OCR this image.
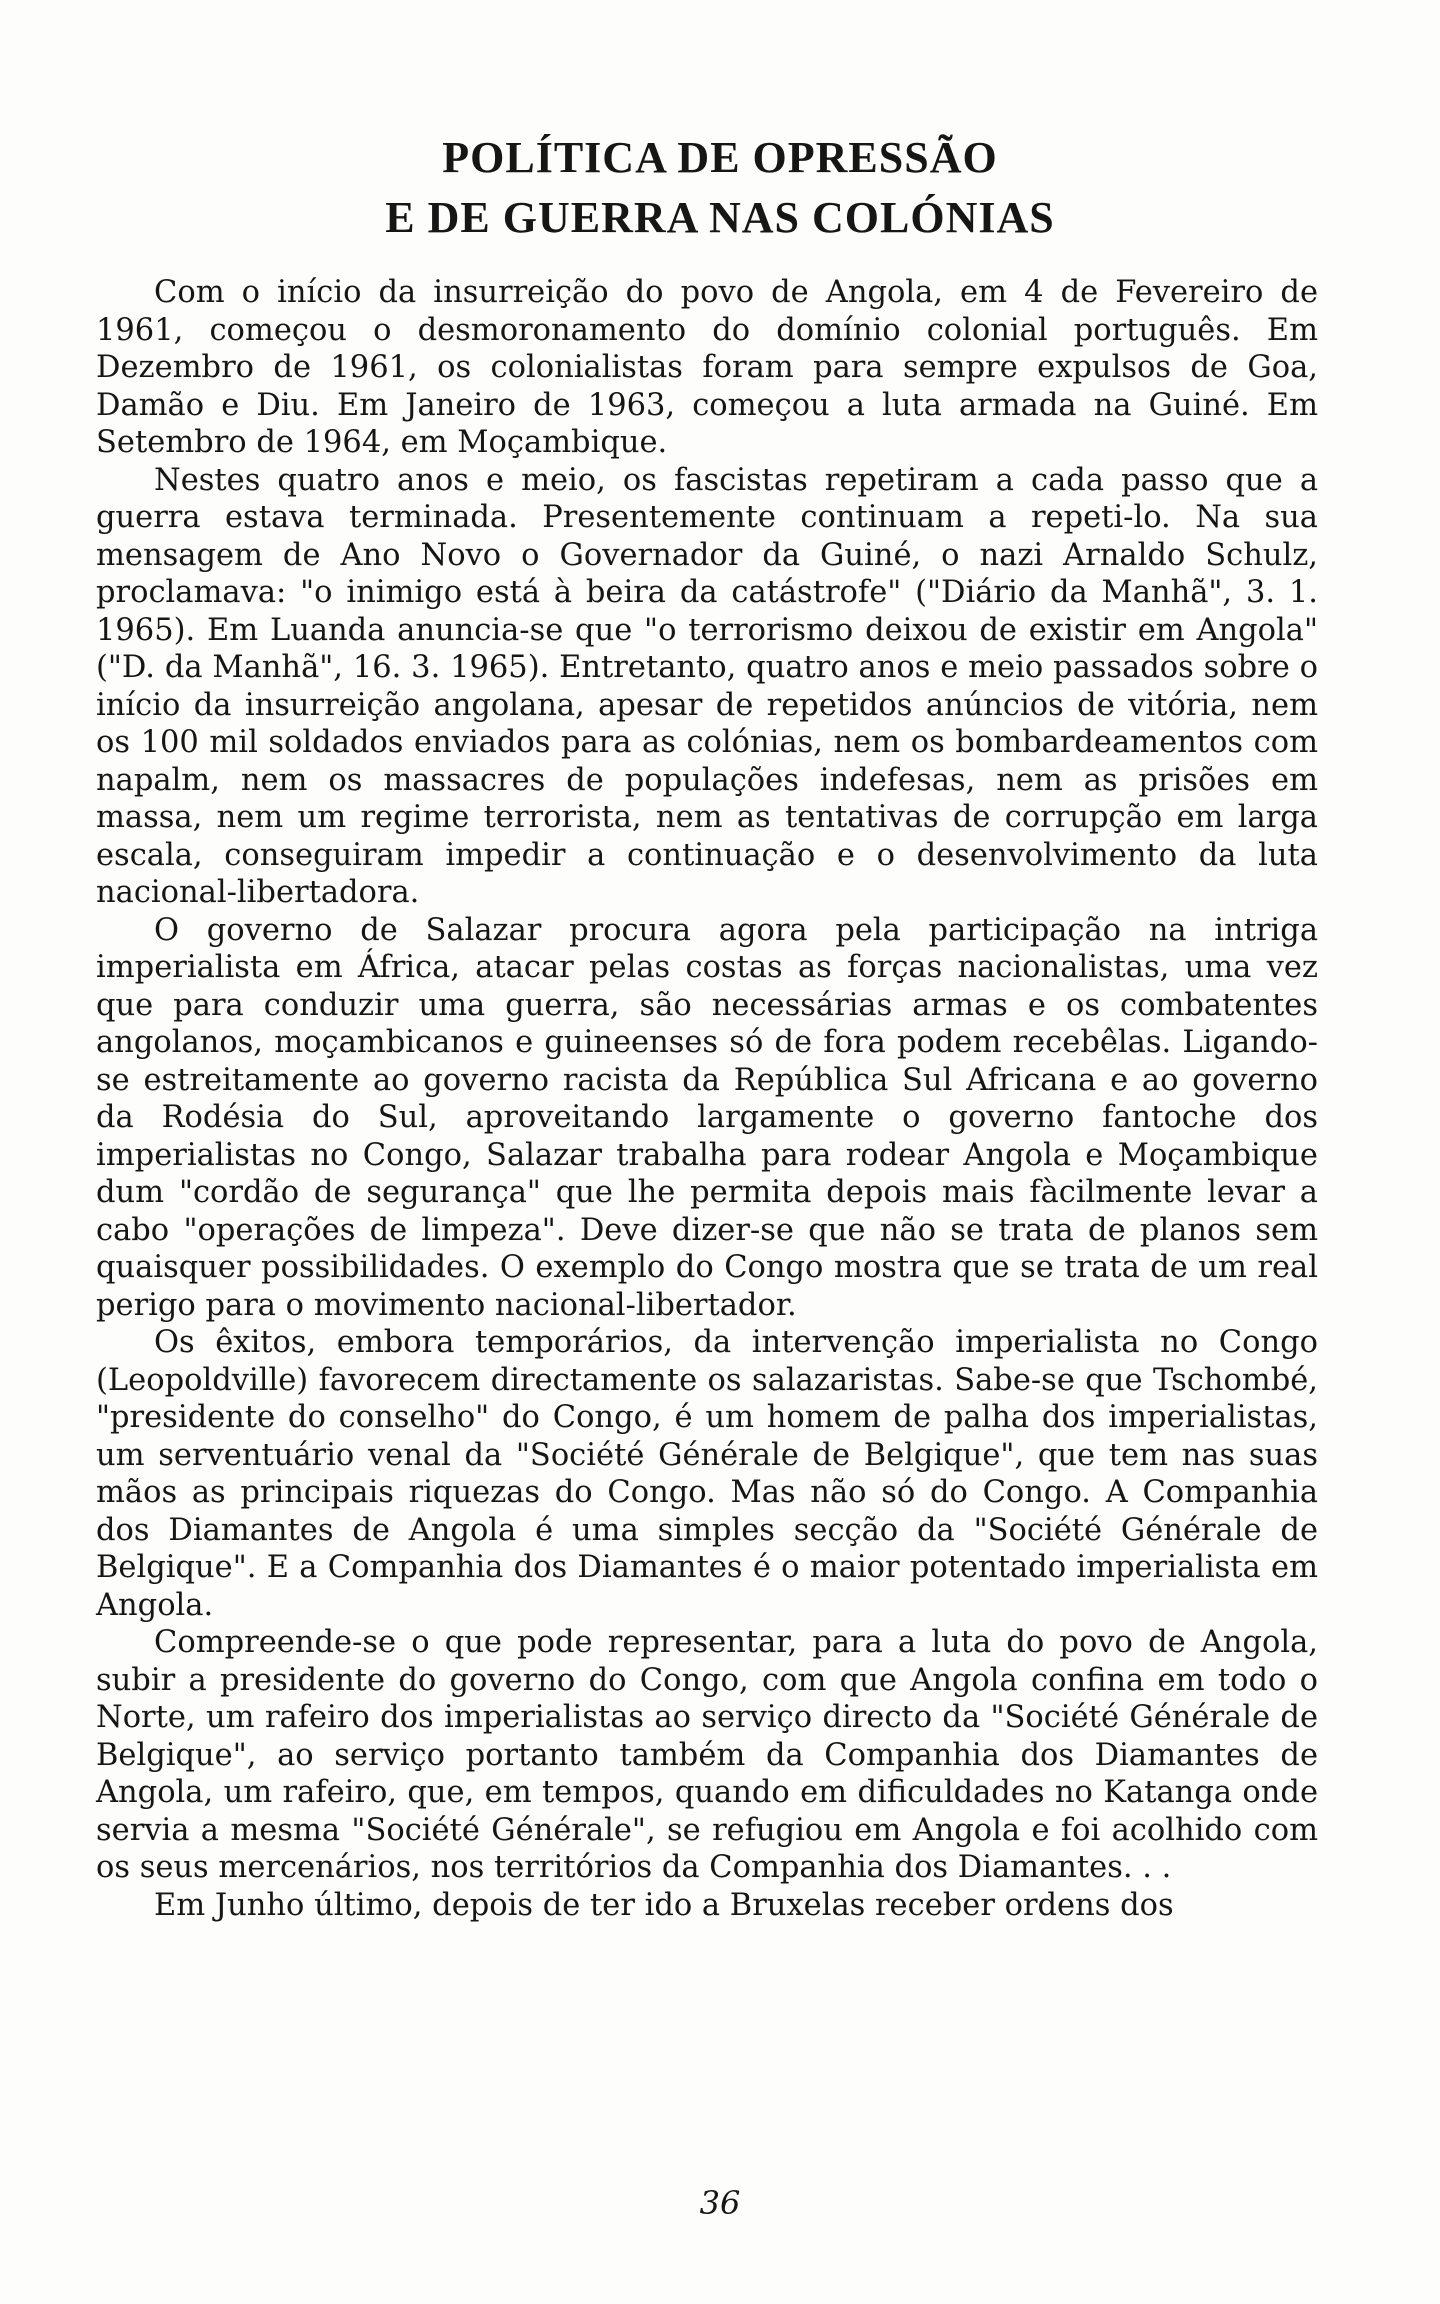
POLÍTICA DE OPRESSÃO
E DE GUERRA NAS COLÓNIAS

Com o início da insurreição do povo de Angola, em 4 de Fevereiro de 1961, começou o desmoronamento do domínio colonial português. Em Dezembro de 1961, os colonialistas foram para sempre expulsos de Goa, Damão e Diu. Em Janeiro de 1963, começou a luta armada na Guiné. Em Setembro de 1964, em Moçambique.

Nestes quatro anos e meio, os fascistas repetiram a cada passo que a guerra estava terminada. Presentemente continuam a repeti-lo. Na sua mensagem de Ano Novo o Governador da Guiné, o nazi Arnaldo Schulz, proclamava: "o inimigo está à beira da catástrofe" ("Diário da Manhã", 3. 1. 1965). Em Luanda anuncia-se que "o terrorismo deixou de existir em Angola" ("D. da Manhã", 16. 3. 1965). Entretanto, quatro anos e meio passados sobre o início da insurreição angolana, apesar de repetidos anúncios de vitória, nem os 100 mil soldados enviados para as colónias, nem os bombardeamentos com napalm, nem os massacres de populações indefesas, nem as prisões em massa, nem um regime terrorista, nem as tentativas de corrupção em larga escala, conseguiram impedir a continuação e o desenvolvimento da luta nacional-libertadora.

O governo de Salazar procura agora pela participação na intriga imperialista em África, atacar pelas costas as forças nacionalistas, uma vez que para conduzir uma guerra, são necessárias armas e os combatentes angolanos, moçambicanos e guineenses só de fora podem recebêlas. Ligando-se estreitamente ao governo racista da República Sul Africana e ao governo da Rodésia do Sul, aproveitando largamente o governo fantoche dos imperialistas no Congo, Salazar trabalha para rodear Angola e Moçambique dum "cordão de segurança" que lhe permita depois mais fàcilmente levar a cabo "operações de limpeza". Deve dizer-se que não se trata de planos sem quaisquer possibilidades. O exemplo do Congo mostra que se trata de um real perigo para o movimento nacional-libertador.

Os êxitos, embora temporários, da intervenção imperialista no Congo (Leopoldville) favorecem directamente os salazaristas. Sabe-se que Tschombé, "presidente do conselho" do Congo, é um homem de palha dos imperialistas, um serventuário venal da "Société Générale de Belgique", que tem nas suas mãos as principais riquezas do Congo. Mas não só do Congo. A Companhia dos Diamantes de Angola é uma simples secção da "Société Générale de Belgique". E a Companhia dos Diamantes é o maior potentado imperialista em Angola.

Compreende-se o que pode representar, para a luta do povo de Angola, subir a presidente do governo do Congo, com que Angola confina em todo o Norte, um rafeiro dos imperialistas ao serviço directo da "Société Générale de Belgique", ao serviço portanto também da Companhia dos Diamantes de Angola, um rafeiro, que, em tempos, quando em dificuldades no Katanga onde servia a mesma "Société Générale", se refugiou em Angola e foi acolhido com os seus mercenários, nos territórios da Companhia dos Diamantes. . .

Em Junho último, depois de ter ido a Bruxelas receber ordens dos

36
